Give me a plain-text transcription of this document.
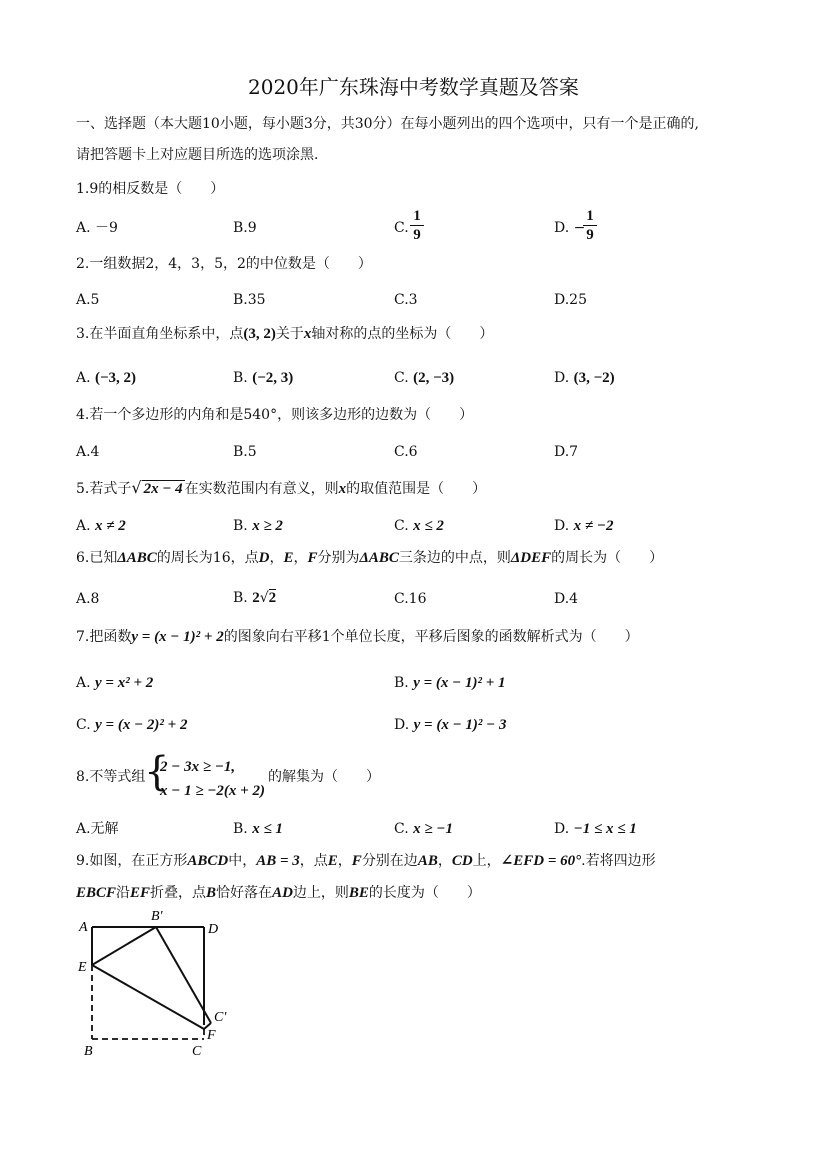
2020年广东珠海中考数学真题及答案
一、选择题（本大题10小题，每小题3分，共30分）在每小题列出的四个选项中，只有一个是正确的,
请把答题卡上对应题目所选的选项涂黑.
1.9的相反数是（　　）
A. －9	B.9	C.
1
9	D. −
1
9
2.一组数据2，4，3，5，2的中位数是（　　）
A.5	B.35	C.3	D.25
3.在半面直角坐标系中，点(3, 2)关于x轴对称的点的坐标为（　　）
A. (−3, 2)	B. (−2, 3)	C. (2, −3)	D. (3, −2)
4.若一个多边形的内角和是540°，则该多边形的边数为（　　）
A.4	B.5	C.6	D.7
5.若式子√ 2x − 4 在实数范围内有意义，则x的取值范围是（　　）
A. x ≠ 2	B. x ≥ 2	C. x ≤ 2	D. x ≠ −2
6.已知ΔABC的周长为16，点D，E，F分别为ΔABC三条边的中点，则ΔDEF的周长为（　　）
A.8	B. 2√2	C.16	D.4
7.把函数y = (x − 1)² + 2的图象向右平移1个单位长度，平移后图象的函数解析式为（　　）
A. y = x² + 2	B. y = (x − 1)² + 1
C. y = (x − 2)² + 2	D. y = (x − 1)² − 3
8.不等式组
{
2 − 3x ≥ −1,
x − 1 ≥ −2(x + 2)
的解集为（　　）
A.无解	B. x ≤ 1	C. x ≥ −1	D. −1 ≤ x ≤ 1
9.如图，在正方形ABCD中，AB = 3，点E，F分别在边AB，CD上，∠EFD = 60°.若将四边形
EBCF沿EF折叠，点B恰好落在AD边上，则BE的长度为（　　）
A
B'
D
E
C'
F
B	C
